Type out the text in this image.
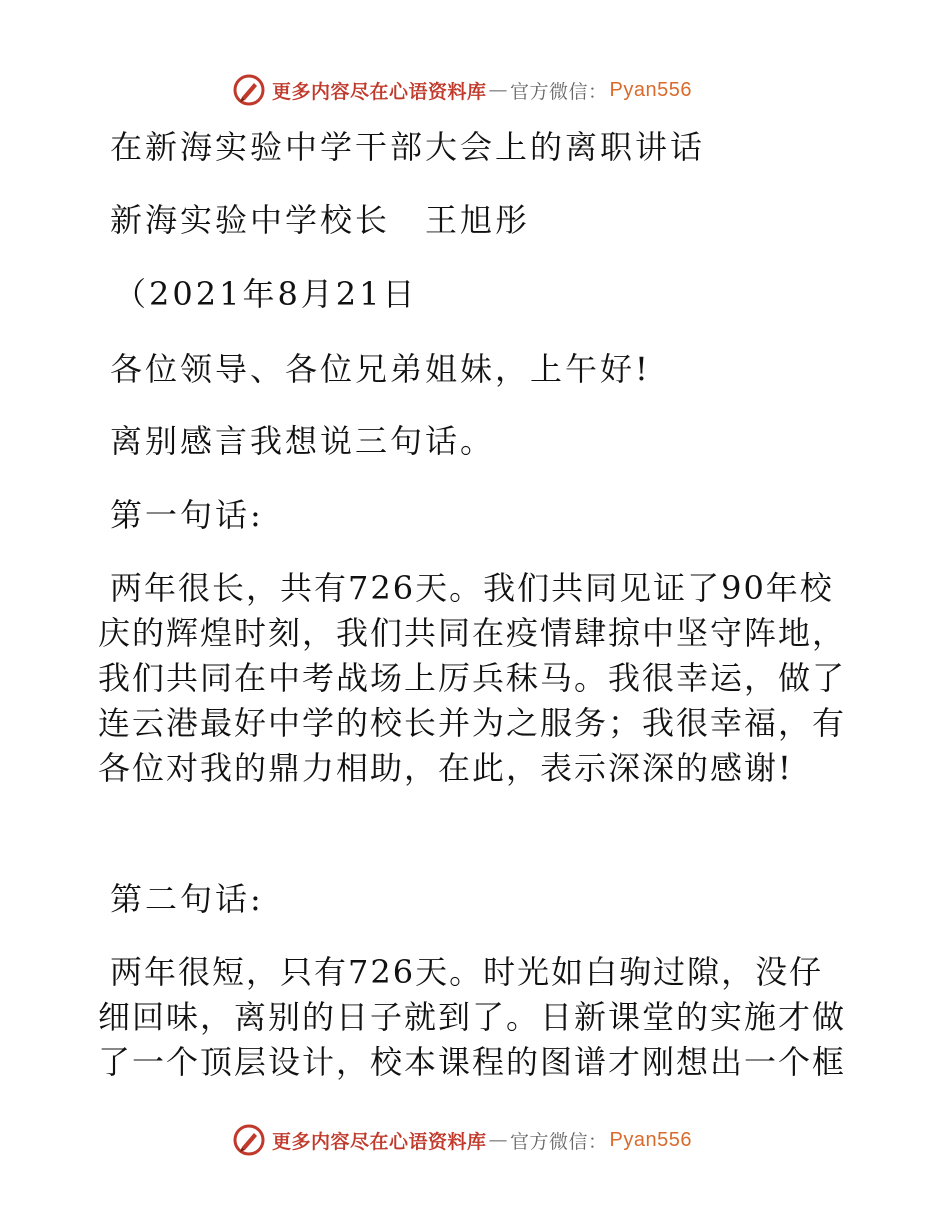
更多内容尽在心语资料库 — 官方微信： Pyan556
在新海实验中学干部大会上的离职讲话
新海实验中学校长　王旭彤
（2021年8月21日
各位领导、各位兄弟姐妹，上午好!
离别感言我想说三句话。
第一句话:
两年很长，共有726天。我们共同见证了90年校
庆的辉煌时刻，我们共同在疫情肆掠中坚守阵地，
我们共同在中考战场上厉兵秣马。我很幸运，做了
连云港最好中学的校长并为之服务；我很幸福，有
各位对我的鼎力相助，在此，表示深深的感谢!
第二句话:
两年很短，只有726天。时光如白驹过隙，没仔
细回味，离别的日子就到了。日新课堂的实施才做
了一个顶层设计，校本课程的图谱才刚想出一个框
更多内容尽在心语资料库 — 官方微信： Pyan556
